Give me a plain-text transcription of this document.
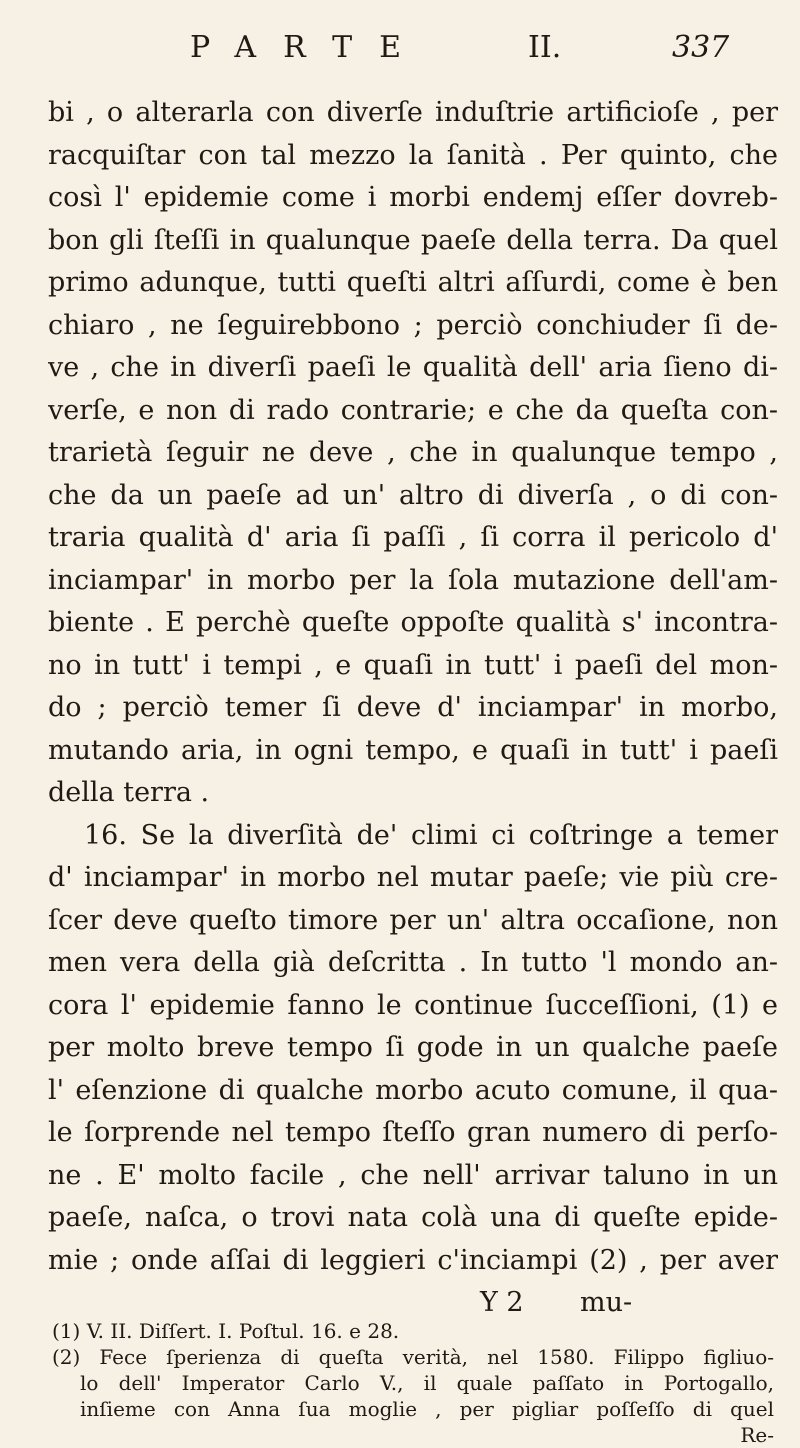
PARTE	II.	337
bi , o alterarla con diverſe induſtrie artificioſe , per
racquiſtar con tal mezzo la ſanità . Per quinto, che
così l' epidemie come i morbi endemj eſſer dovreb-
bon gli ſteſſi in qualunque paeſe della terra. Da quel
primo adunque, tutti queſti altri aſſurdi, come è ben
chiaro , ne ſeguirebbono ; perciò conchiuder ſi de-
ve , che in diverſi paeſi le qualità dell' aria ſieno di-
verſe, e non di rado contrarie; e che da queſta con-
trarietà ſeguir ne deve , che in qualunque tempo ,
che da un paeſe ad un' altro di diverſa , o di con-
traria qualità d' aria ſi paſſi , ſi corra il pericolo d'
inciampar' in morbo per la ſola mutazione dell'am-
biente . E perchè queſte oppoſte qualità s' incontra-
no in tutt' i tempi , e quaſi in tutt' i paeſi del mon-
do ; perciò temer ſi deve d' inciampar' in morbo,
mutando aria, in ogni tempo, e quaſi in tutt' i paeſi
della terra .
16. Se la diverſità de' climi ci coſtringe a temer
d' inciampar' in morbo nel mutar paeſe; vie più cre-
ſcer deve queſto timore per un' altra occaſione, non
men vera della già deſcritta . In tutto 'l mondo an-
cora l' epidemie fanno le continue ſucceſſioni, (1) e
per molto breve tempo ſi gode in un qualche paeſe
l' eſenzione di qualche morbo acuto comune, il qua-
le ſorprende nel tempo ſteſſo gran numero di perſo-
ne . E' molto facile , che nell' arrivar taluno in un
paeſe, naſca, o trovi nata colà una di queſte epide-
mie ; onde aſſai di leggieri c'inciampi (2) , per aver
Y 2 mu-
(1) V. II. Diſſert. I. Poſtul. 16. e 28.
(2) Fece ſperienza di queſta verità, nel 1580. Filippo figliuo-
lo dell' Imperator Carlo V., il quale paſſato in Portogallo,
inſieme con Anna ſua moglie , per pigliar poſſeſſo di quel
Re-
